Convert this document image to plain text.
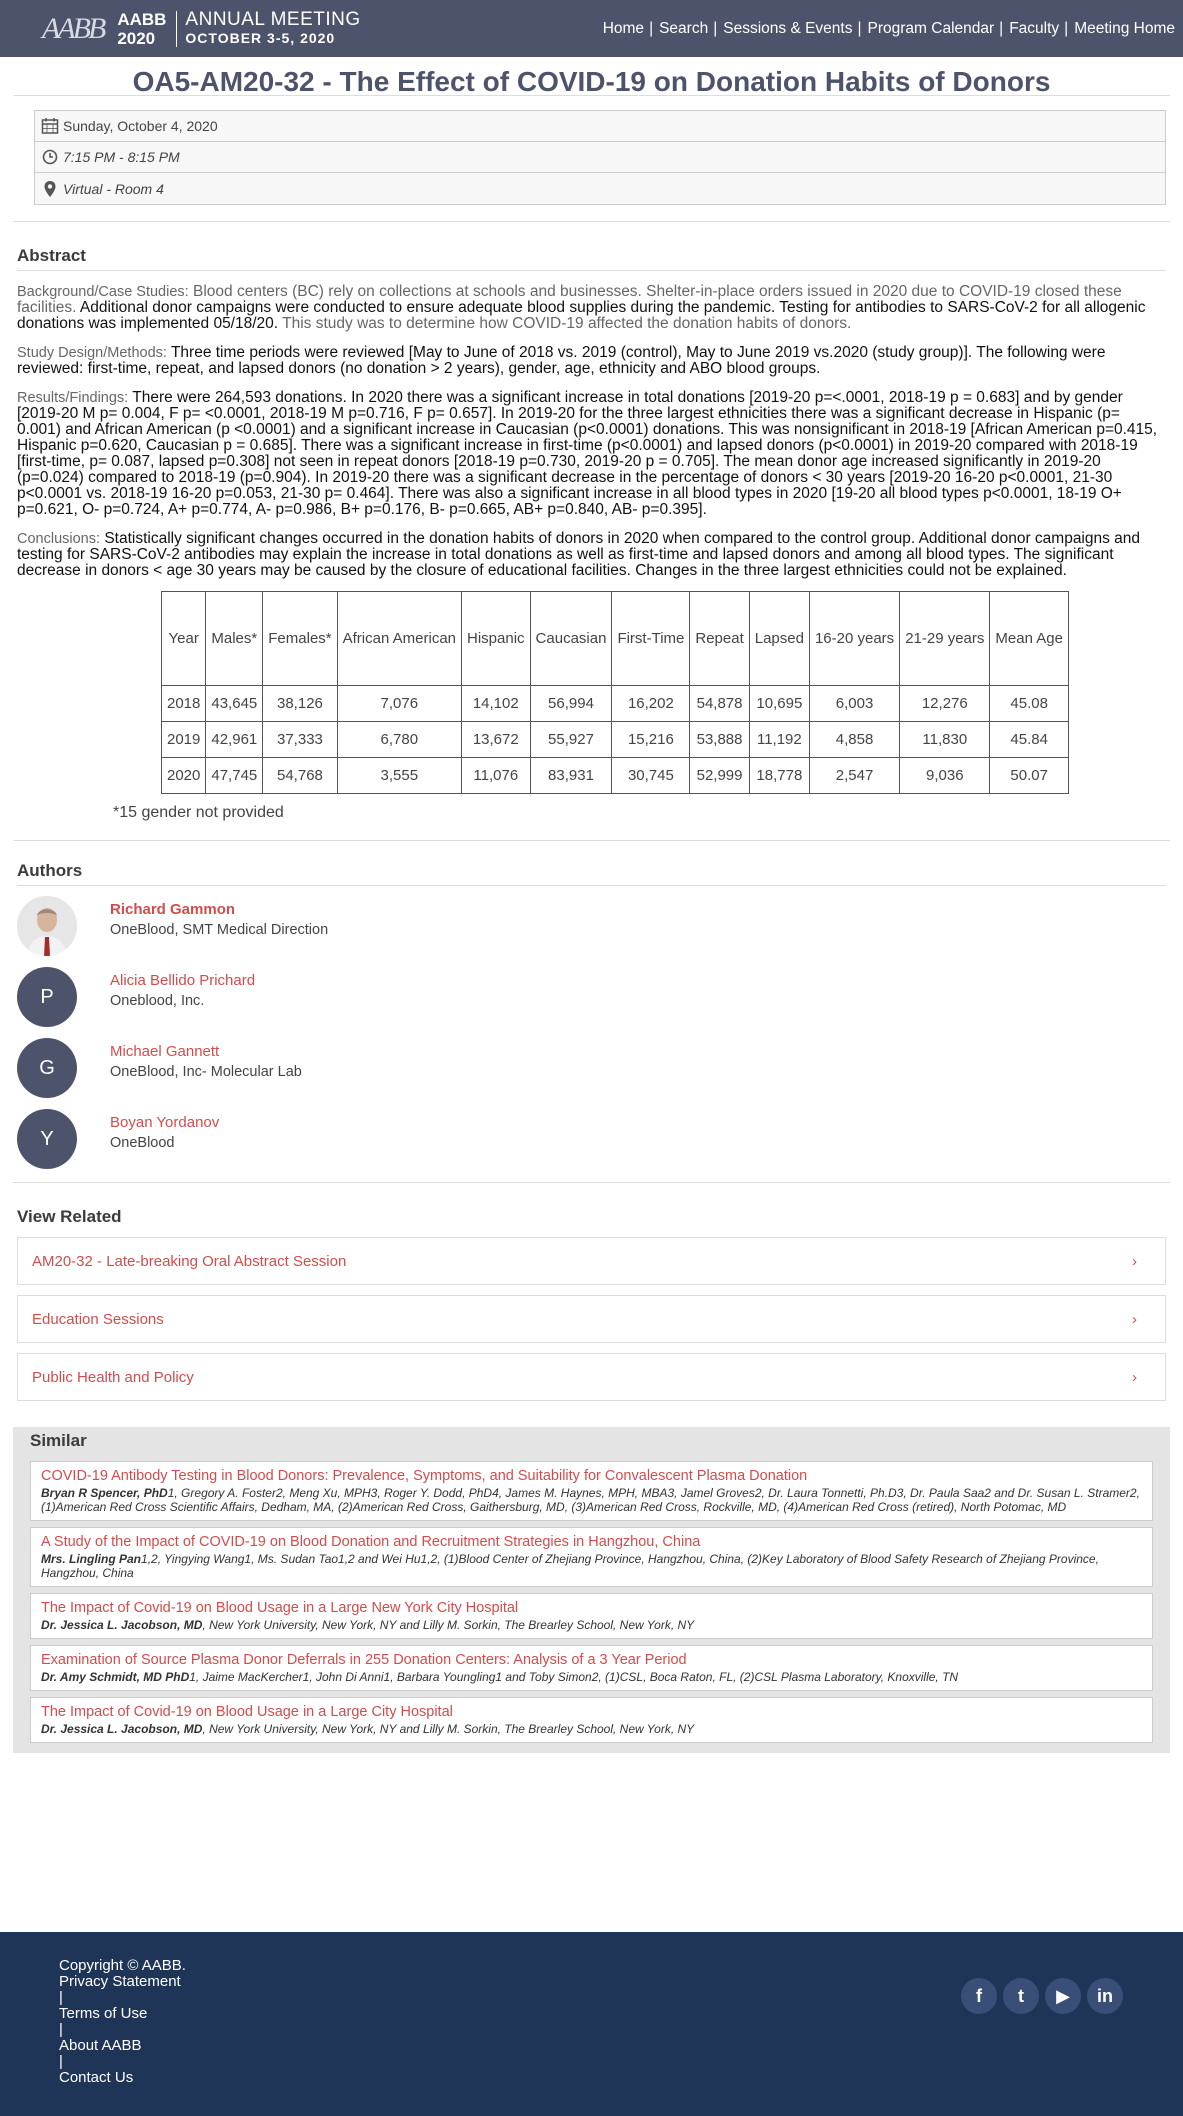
AABB AABB
2020
ANNUAL MEETING
OCTOBER 3-5, 2020
Home | Search | Sessions & Events | Program Calendar | Faculty | Meeting Home
OA5-AM20-32 - The Effect of COVID-19 on Donation Habits of Donors
Sunday, October 4, 2020
7:15 PM - 8:15 PM
Virtual - Room 4
Abstract

Background/Case Studies: Blood centers (BC) rely on collections at schools and businesses. Shelter-in-place orders issued in 2020 due to COVID-19 closed these facilities. Additional donor campaigns were conducted to ensure adequate blood supplies during the pandemic. Testing for antibodies to SARS-CoV-2 for all allogenic donations was implemented 05/18/20. This study was to determine how COVID-19 affected the donation habits of donors.

Study Design/Methods: Three time periods were reviewed [May to June of 2018 vs. 2019 (control), May to June 2019 vs.2020 (study group)]. The following were reviewed: first-time, repeat, and lapsed donors (no donation > 2 years), gender, age, ethnicity and ABO blood groups.

Results/Findings: There were 264,593 donations. In 2020 there was a significant increase in total donations [2019-20 p=<.0001, 2018-19 p = 0.683] and by gender [2019-20 M p= 0.004, F p= <0.0001, 2018-19 M p=0.716, F p= 0.657]. In 2019-20 for the three largest ethnicities there was a significant decrease in Hispanic (p= 0.001) and African American (p <0.0001) and a significant increase in Caucasian (p<0.0001) donations. This was nonsignificant in 2018-19 [African American p=0.415, Hispanic p=0.620, Caucasian p = 0.685]. There was a significant increase in first-time (p<0.0001) and lapsed donors (p<0.0001) in 2019-20 compared with 2018-19 [first-time, p= 0.087, lapsed p=0.308] not seen in repeat donors [2018-19 p=0.730, 2019-20 p = 0.705]. The mean donor age increased significantly in 2019-20 (p=0.024) compared to 2018-19 (p=0.904). In 2019-20 there was a significant decrease in the percentage of donors < 30 years [2019-20 16-20 p<0.0001, 21-30 p<0.0001 vs. 2018-19 16-20 p=0.053, 21-30 p= 0.464]. There was also a significant increase in all blood types in 2020 [19-20 all blood types p<0.0001, 18-19 O+ p=0.621, O- p=0.724, A+ p=0.774, A- p=0.986, B+ p=0.176, B- p=0.665, AB+ p=0.840, AB- p=0.395].

Conclusions: Statistically significant changes occurred in the donation habits of donors in 2020 when compared to the control group. Additional donor campaigns and testing for SARS-CoV-2 antibodies may explain the increase in total donations as well as first-time and lapsed donors and among all blood types. The significant decrease in donors < age 30 years may be caused by the closure of educational facilities. Changes in the three largest ethnicities could not be explained.

Year	Males*	Females*	African American	Hispanic	Caucasian	First-Time	Repeat	Lapsed	16-20 years	21-29 years	Mean Age
2018	43,645	38,126	7,076	14,102	56,994	16,202	54,878	10,695	6,003	12,276	45.08
2019	42,961	37,333	6,780	13,672	55,927	15,216	53,888	11,192	4,858	11,830	45.84
2020	47,745	54,768	3,555	11,076	83,931	30,745	52,999	18,778	2,547	9,036	50.07
*15 gender not provided
Authors
Richard Gammon
OneBlood, SMT Medical Direction
P
Alicia Bellido Prichard
Oneblood, Inc.
G
Michael Gannett
OneBlood, Inc- Molecular Lab
Y
Boyan Yordanov
OneBlood
View Related
AM20-32 - Late-breaking Oral Abstract Session	›
Education Sessions	›
Public Health and Policy	›
Similar
COVID-19 Antibody Testing in Blood Donors: Prevalence, Symptoms, and Suitability for Convalescent Plasma Donation
Bryan R Spencer, PhD1, Gregory A. Foster2, Meng Xu, MPH3, Roger Y. Dodd, PhD4, James M. Haynes, MPH, MBA3, Jamel Groves2, Dr. Laura Tonnetti, Ph.D3, Dr. Paula Saa2 and Dr. Susan L. Stramer2, (1)American Red Cross Scientific Affairs, Dedham, MA, (2)American Red Cross, Gaithersburg, MD, (3)American Red Cross, Rockville, MD, (4)American Red Cross (retired), North Potomac, MD
A Study of the Impact of COVID-19 on Blood Donation and Recruitment Strategies in Hangzhou, China
Mrs. Lingling Pan1,2, Yingying Wang1, Ms. Sudan Tao1,2 and Wei Hu1,2, (1)Blood Center of Zhejiang Province, Hangzhou, China, (2)Key Laboratory of Blood Safety Research of Zhejiang Province, Hangzhou, China
The Impact of Covid-19 on Blood Usage in a Large New York City Hospital
Dr. Jessica L. Jacobson, MD, New York University, New York, NY and Lilly M. Sorkin, The Brearley School, New York, NY
Examination of Source Plasma Donor Deferrals in 255 Donation Centers: Analysis of a 3 Year Period
Dr. Amy Schmidt, MD PhD1, Jaime MacKercher1, John Di Anni1, Barbara Youngling1 and Toby Simon2, (1)CSL, Boca Raton, FL, (2)CSL Plasma Laboratory, Knoxville, TN
The Impact of Covid-19 on Blood Usage in a Large City Hospital
Dr. Jessica L. Jacobson, MD, New York University, New York, NY and Lilly M. Sorkin, The Brearley School, New York, NY
Copyright © AABB.
Privacy Statement
|
Terms of Use
|
About AABB
|
Contact Us
f	t	▶	in
